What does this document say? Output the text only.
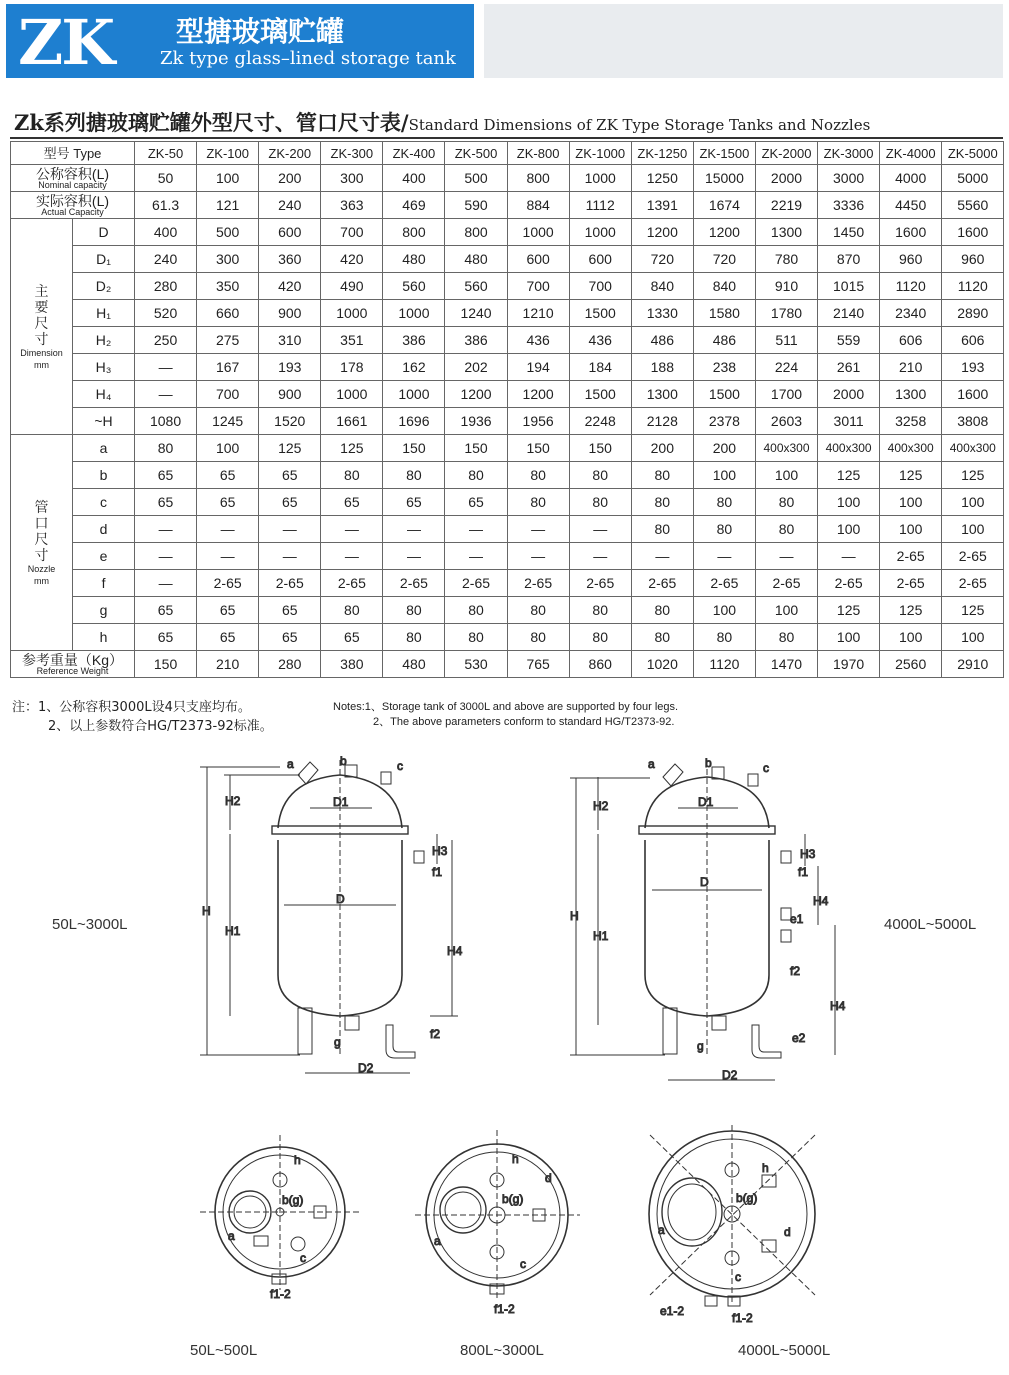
ZK 型搪玻璃贮罐
Zk type glass–lined storage tank
Zk系列搪玻璃贮罐外型尺寸、管口尺寸表/Standard Dimensions of ZK Type Storage Tanks and Nozzles
型号 Type		ZK-50	ZK-100	ZK-200	ZK-300	ZK-400	ZK-500	ZK-800	ZK-1000	ZK-1250	ZK-1500	ZK-2000	ZK-3000	ZK-4000	ZK-5000
公称容积(L)
Nominal capacity		50	100	200	300	400	500	800	1000	1250	15000	2000	3000	4000	5000
实际容积(L)
Actual Capacity		61.3	121	240	363	469	590	884	1112	1391	1674	2219	3336	4450	5560

主要尺寸
Dimension
mm	D	400	500	600	700	800	800	1000	1000	1200	1200	1300	1450	1600	1600
	D₁	240	300	360	420	480	480	600	600	720	720	780	870	960	960
	D₂	280	350	420	490	560	560	700	700	840	840	910	1015	1120	1120
	H₁	520	660	900	1000	1000	1240	1210	1500	1330	1580	1780	2140	2340	2890
	H₂	250	275	310	351	386	386	436	436	486	486	511	559	606	606
	H₃	—	167	193	178	162	202	194	184	188	238	224	261	210	193
	H₄	—	700	900	1000	1000	1200	1200	1500	1300	1500	1700	2000	1300	1600
	~H	1080	1245	1520	1661	1696	1936	1956	2248	2128	2378	2603	3011	3258	3808

管口尺寸
Nozzle
mm	a	80	100	125	125	150	150	150	150	200	200	400x300	400x300	400x300	400x300
	b	65	65	65	80	80	80	80	80	80	100	100	125	125	125
	c	65	65	65	65	65	65	80	80	80	80	80	100	100	100
	d	—	—	—	—	—	—	—	—	80	80	80	100	100	100
	e	—	—	—	—	—	—	—	—	—	—	—	—	2-65	2-65
	f	—	2-65	2-65	2-65	2-65	2-65	2-65	2-65	2-65	2-65	2-65	2-65	2-65	2-65
	g	65	65	65	80	80	80	80	80	80	100	100	125	125	125
	h	65	65	65	65	80	80	80	80	80	80	80	100	100	100
参考重量（Kg）
Reference Weight		150	210	280	380	480	530	765	860	1020	1120	1470	1970	2560	2910
注：1、公称容积3000L设4只支座均布。
2、以上参数符合HG/T2373-92标准。
Notes:1、Storage tank of 3000L and above are supported by four legs.
2、The above parameters conform to standard HG/T2373-92.
50L~3000L	4000L~5000L
50L~500L	800L~3000L	4000L~5000L
a	b	c
D1
D
D2
H
H1
H2
H3
H4
f1
f2
g
a	b	c
D1
D
D2
H
H1
H2
H3
H4
H4
f1
e1
f2
e2
g
h
b(g)
c
a
f1-2
h
b(g)
d
c
a
f1-2
h
b(g)
d
c
a
e1-2	f1-2
